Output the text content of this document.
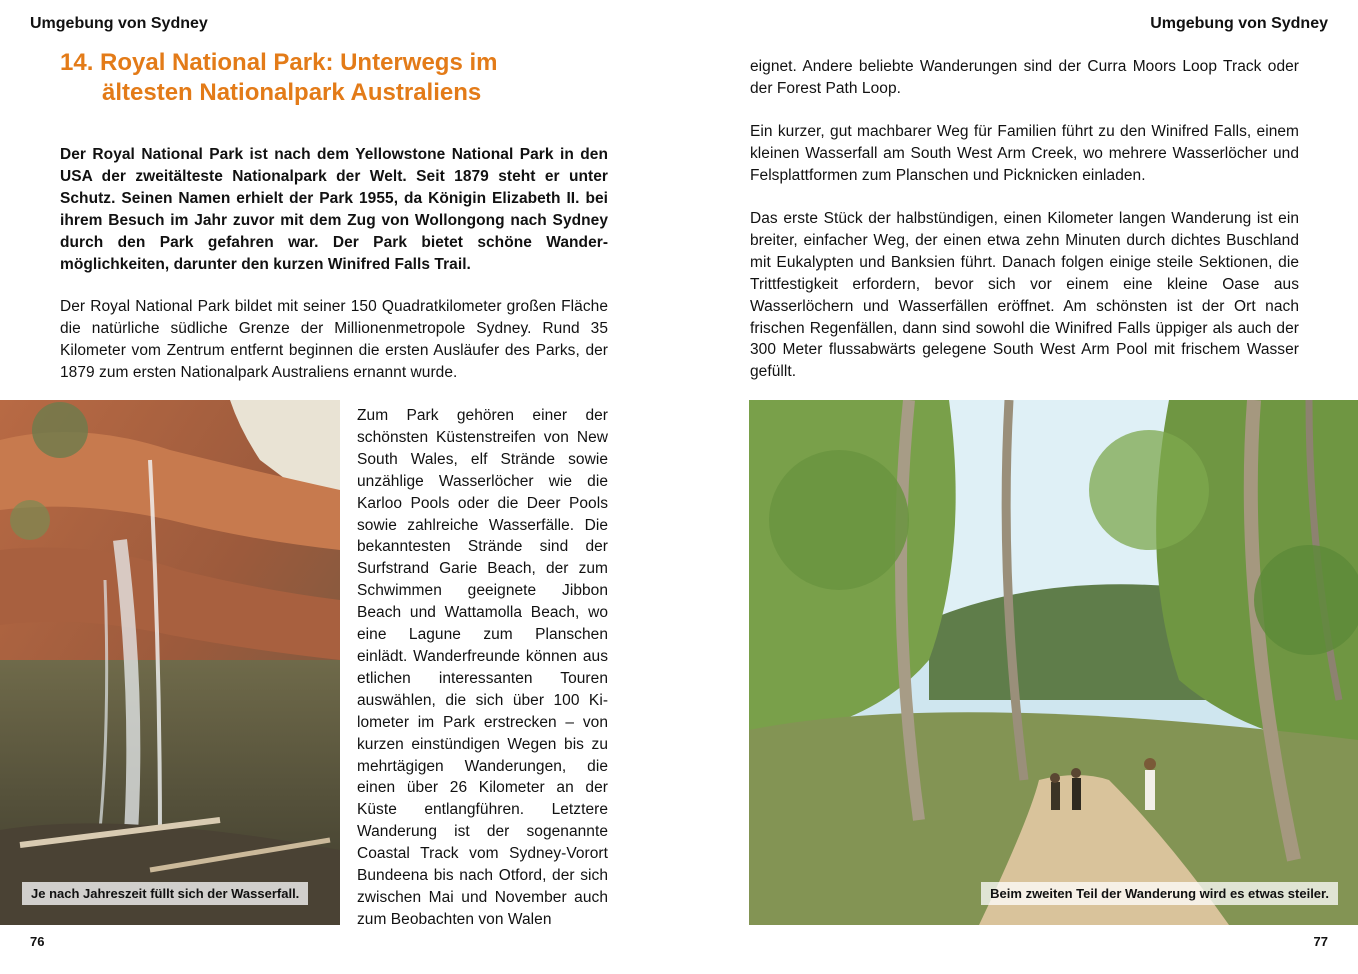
Umgebung von Sydney
14. Royal National Park: Unterwegs im
ältesten Nationalpark Australiens

Der Royal National Park ist nach dem Yellowstone National Park in den USA der zweitälteste Nationalpark der Welt. Seit 1879 steht er unter Schutz. Seinen Namen erhielt der Park 1955, da Königin Elizabeth II. bei ihrem Besuch im Jahr zuvor mit dem Zug von Wollongong nach Sydney durch den Park gefahren war. Der Park bietet schöne Wandermöglichkeiten, darunter den kurzen Winifred Falls Trail.

Der Royal National Park bildet mit seiner 150 Quadratkilometer großen Fläche die natürliche südliche Grenze der Millionenmetropole Sydney. Rund 35 Kilometer vom Zentrum entfernt beginnen die ersten Ausläufer des Parks, der 1879 zum ersten Nationalpark Australiens ernannt wurde.

Je nach Jahreszeit füllt sich der Wasserfall.

Zum Park gehören einer der schönsten Küstenstreifen von New South Wales, elf Strände sowie unzählige Wasserlöcher wie die Karloo Pools oder die Deer Pools sowie zahlreiche Wasserfälle. Die bekanntesten Strände sind der Surfstrand Garie Beach, der zum Schwimmen geeignete Jibbon Beach und Wattamolla Beach, wo eine Lagune zum Planschen einlädt. Wanderfreunde können aus etlichen interessanten Touren auswählen, die sich über 100 Kilometer im Park erstrecken – von kurzen einstündigen Wegen bis zu mehrtägigen Wanderungen, die einen über 26 Kilometer an der Küste entlangführen. Letztere Wanderung ist der sogenannte Coastal Track vom Sydney-Vorort Bundeena bis nach Otford, der sich zwischen Mai und November auch zum Beobachten von Walen

76
Umgebung von Sydney

eignet. Andere beliebte Wanderungen sind der Curra Moors Loop Track oder der Forest Path Loop.

Ein kurzer, gut machbarer Weg für Familien führt zu den Winifred Falls, einem kleinen Wasserfall am South West Arm Creek, wo mehrere Wasserlöcher und Felsplattformen zum Planschen und Picknicken einladen.

Das erste Stück der halbstündigen, einen Kilometer langen Wanderung ist ein breiter, einfacher Weg, der einen etwa zehn Minuten durch dichtes Buschland mit Eukalypten und Banksien führt. Danach folgen einige steile Sektionen, die Trittfestigkeit erfordern, bevor sich vor einem eine kleine Oase aus Wasserlöchern und Wasserfällen eröffnet. Am schönsten ist der Ort nach frischen Regenfällen, dann sind sowohl die Winifred Falls üppiger als auch der 300 Meter flussabwärts gelegene South West Arm Pool mit frischem Wasser gefüllt.

Beim zweiten Teil der Wanderung wird es etwas steiler.
77
